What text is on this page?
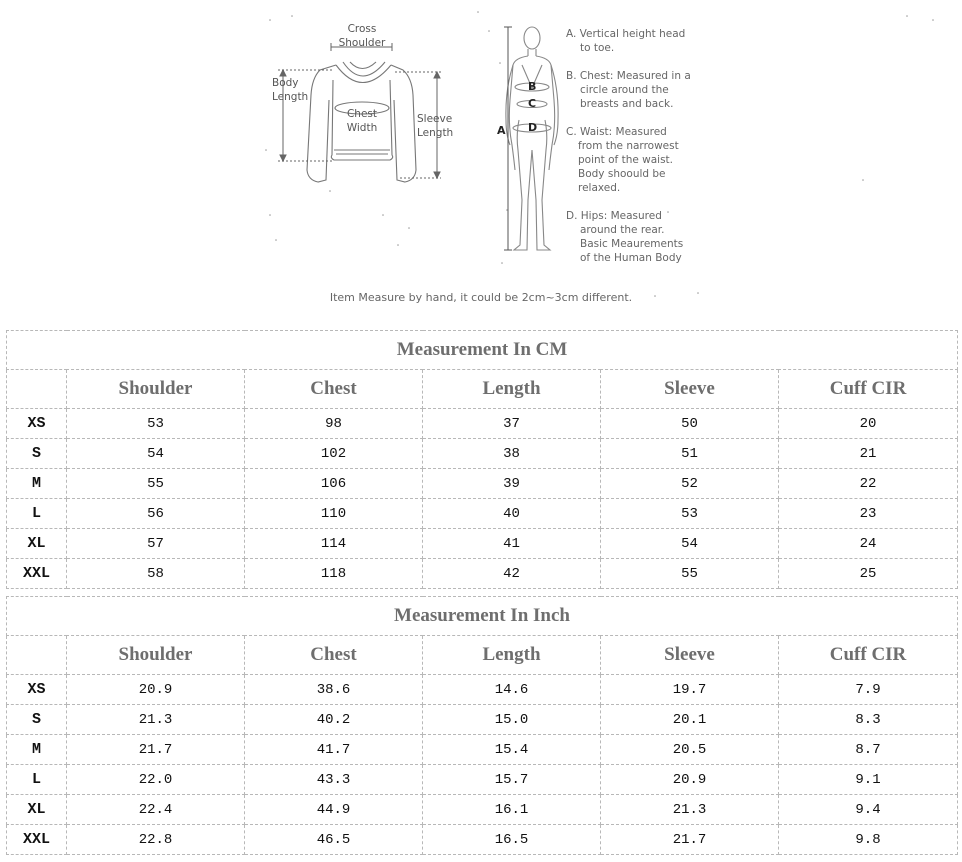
Cross
Shoulder
Body
Length
Chest
Width
Sleeve
Length	A
B
C
D
A. Vertical height head
to toe.
B. Chest: Measured in a
circle around the
breasts and back.
C. Waist: Measured
from the narrowest
point of the waist.
Body shoould be
relaxed.
D. Hips: Measured
around the rear.
Basic Meaurements
of the Human Body
Item Measure by hand, it could be 2cm~3cm different.
Measurement In CM					
	Shoulder	Chest	Length	Sleeve	Cuff CIR
XS	53	98	37	50	20
S	54	102	38	51	21
M	55	106	39	52	22
L	56	110	40	53	23
XL	57	114	41	54	24
XXL	58	118	42	55	25
Measurement In Inch					
	Shoulder	Chest	Length	Sleeve	Cuff CIR
XS	20.9	38.6	14.6	19.7	7.9
S	21.3	40.2	15.0	20.1	8.3
M	21.7	41.7	15.4	20.5	8.7
L	22.0	43.3	15.7	20.9	9.1
XL	22.4	44.9	16.1	21.3	9.4
XXL	22.8	46.5	16.5	21.7	9.8
